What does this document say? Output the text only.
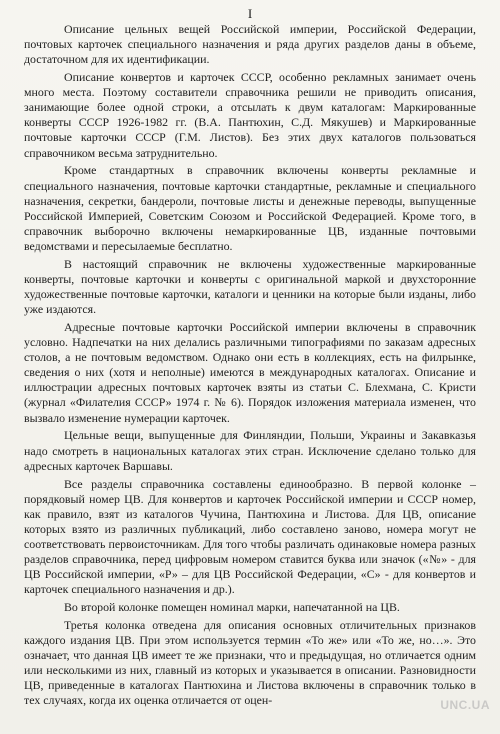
I

Описание цельных вещей Российской империи, Российской Федерации, почтовых карточек специального назначения и ряда других разделов даны в объеме, достаточном для их идентификации.

Описание конвертов и карточек СССР, особенно рекламных занимает очень много места. Поэтому составители справочника решили не приводить описания, занимающие более одной строки, а отсылать к двум каталогам: Маркированные конверты СССР 1926-1982 гг. (В.А. Пантюхин, С.Д. Мякушев) и Маркированные почтовые карточки СССР (Г.М. Листов). Без этих двух каталогов пользоваться справочником весьма затруднительно.

Кроме стандартных в справочник включены конверты рекламные и специального назначения, почтовые карточки стандартные, рекламные и специального назначения, секретки, бандероли, почтовые листы и денежные переводы, выпущенные Российской Империей, Советским Союзом и Российской Федерацией. Кроме того, в справочник выборочно включены немаркированные ЦВ, изданные почтовыми ведомствами и пересылаемые бесплатно.

В настоящий справочник не включены художественные маркированные конверты, почтовые карточки и конверты с оригинальной маркой и двухсторонние художественные почтовые карточки, каталоги и ценники на которые были изданы, либо уже издаются.

Адресные почтовые карточки Российской империи включены в справочник условно. Надпечатки на них делались различными типографиями по заказам адресных столов, а не почтовым ведомством. Однако они есть в коллекциях, есть на филрынке, сведения о них (хотя и неполные) имеются в международных каталогах. Описание и иллюстрации адресных почтовых карточек взяты из статьи С. Блехмана, С. Кристи (журнал «Филателия СССР» 1974 г. № 6). Порядок изложения материала изменен, что вызвало изменение нумерации карточек.

Цельные вещи, выпущенные для Финляндии, Польши, Украины и Закавказья надо смотреть в национальных каталогах этих стран. Исключение сделано только для адресных карточек Варшавы.

Все разделы справочника составлены единообразно. В первой колонке – порядковый номер ЦВ. Для конвертов и карточек Российской империи и СССР номер, как правило, взят из каталогов Чучина, Пантюхина и Листова. Для ЦВ, описание которых взято из различных публикаций, либо составлено заново, номера могут не соответствовать первоисточникам. Для того чтобы различать одинаковые номера разных разделов справочника, перед цифровым номером ставится буква или значок («№» - для ЦВ Российской империи, «Р» – для ЦВ Российской Федерации, «С» - для конвертов и карточек специального назначения и др.).

Во второй колонке помещен номинал марки, напечатанной на ЦВ.

Третья колонка отведена для описания основных отличительных признаков каждого издания ЦВ. При этом используется термин «То же» или «То же, но…». Это означает, что данная ЦВ имеет те же признаки, что и предыдущая, но отличается одним или несколькими из них, главный из которых и указывается в описании. Разновидности ЦВ, приведенные в каталогах Пантюхина и Листова включены в справочник только в тех случаях, когда их оценка отличается от оцен-	UNC.UA
